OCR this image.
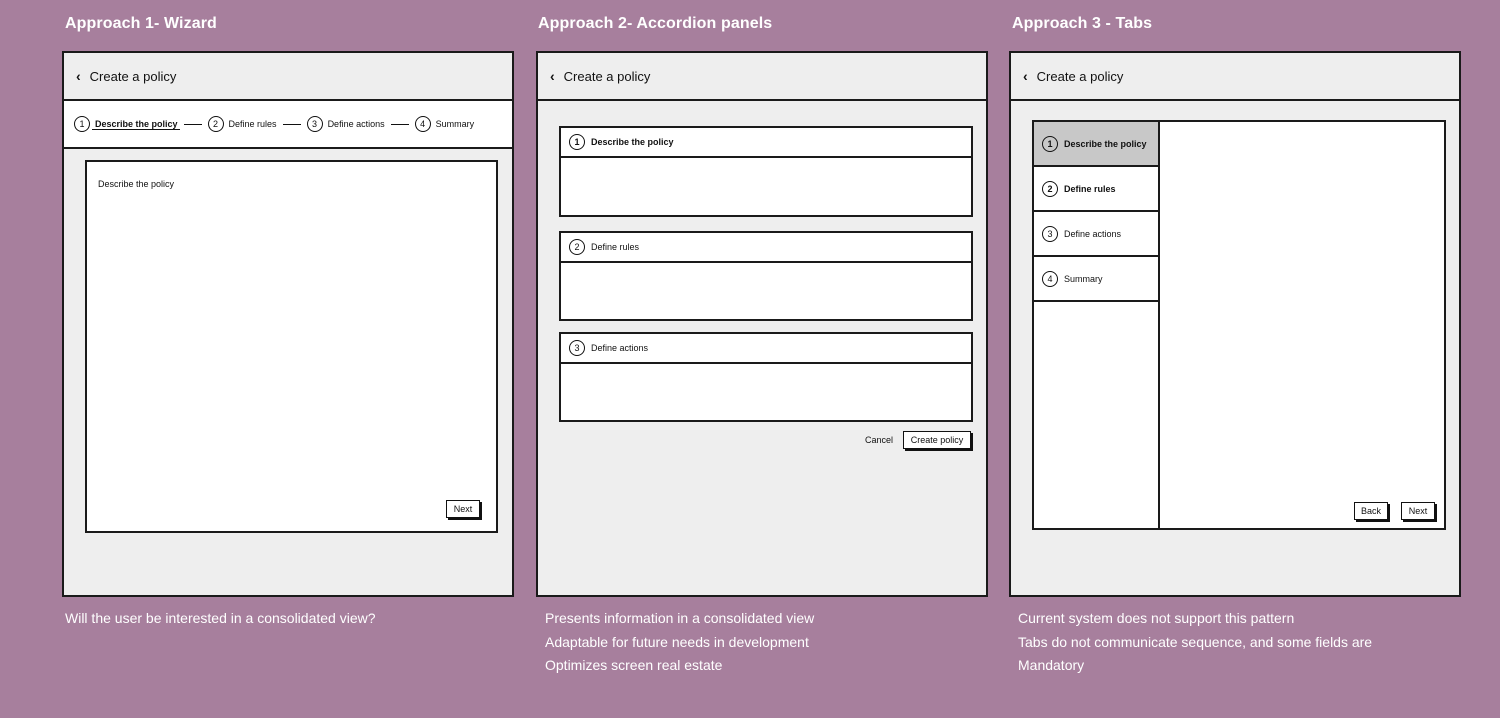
Approach 1- Wizard
‹ Create a policy
1	Describe the policy	2	Define rules	3	Define actions	4	Summary
Describe the policy
Next
Will the user be interested in a consolidated view?
Approach 2- Accordion panels
‹ Create a policy
1	Describe the policy
2	Define rules
3	Define actions
Cancel	Create policy
Presents information in a consolidated view
Adaptable for future needs in development
Optimizes screen real estate
Approach 3 - Tabs
‹ Create a policy
1	Describe the policy
2	Define rules
3	Define actions
4	Summary
Back	Next
Current system does not support this pattern
Tabs do not communicate sequence, and some fields are
Mandatory
